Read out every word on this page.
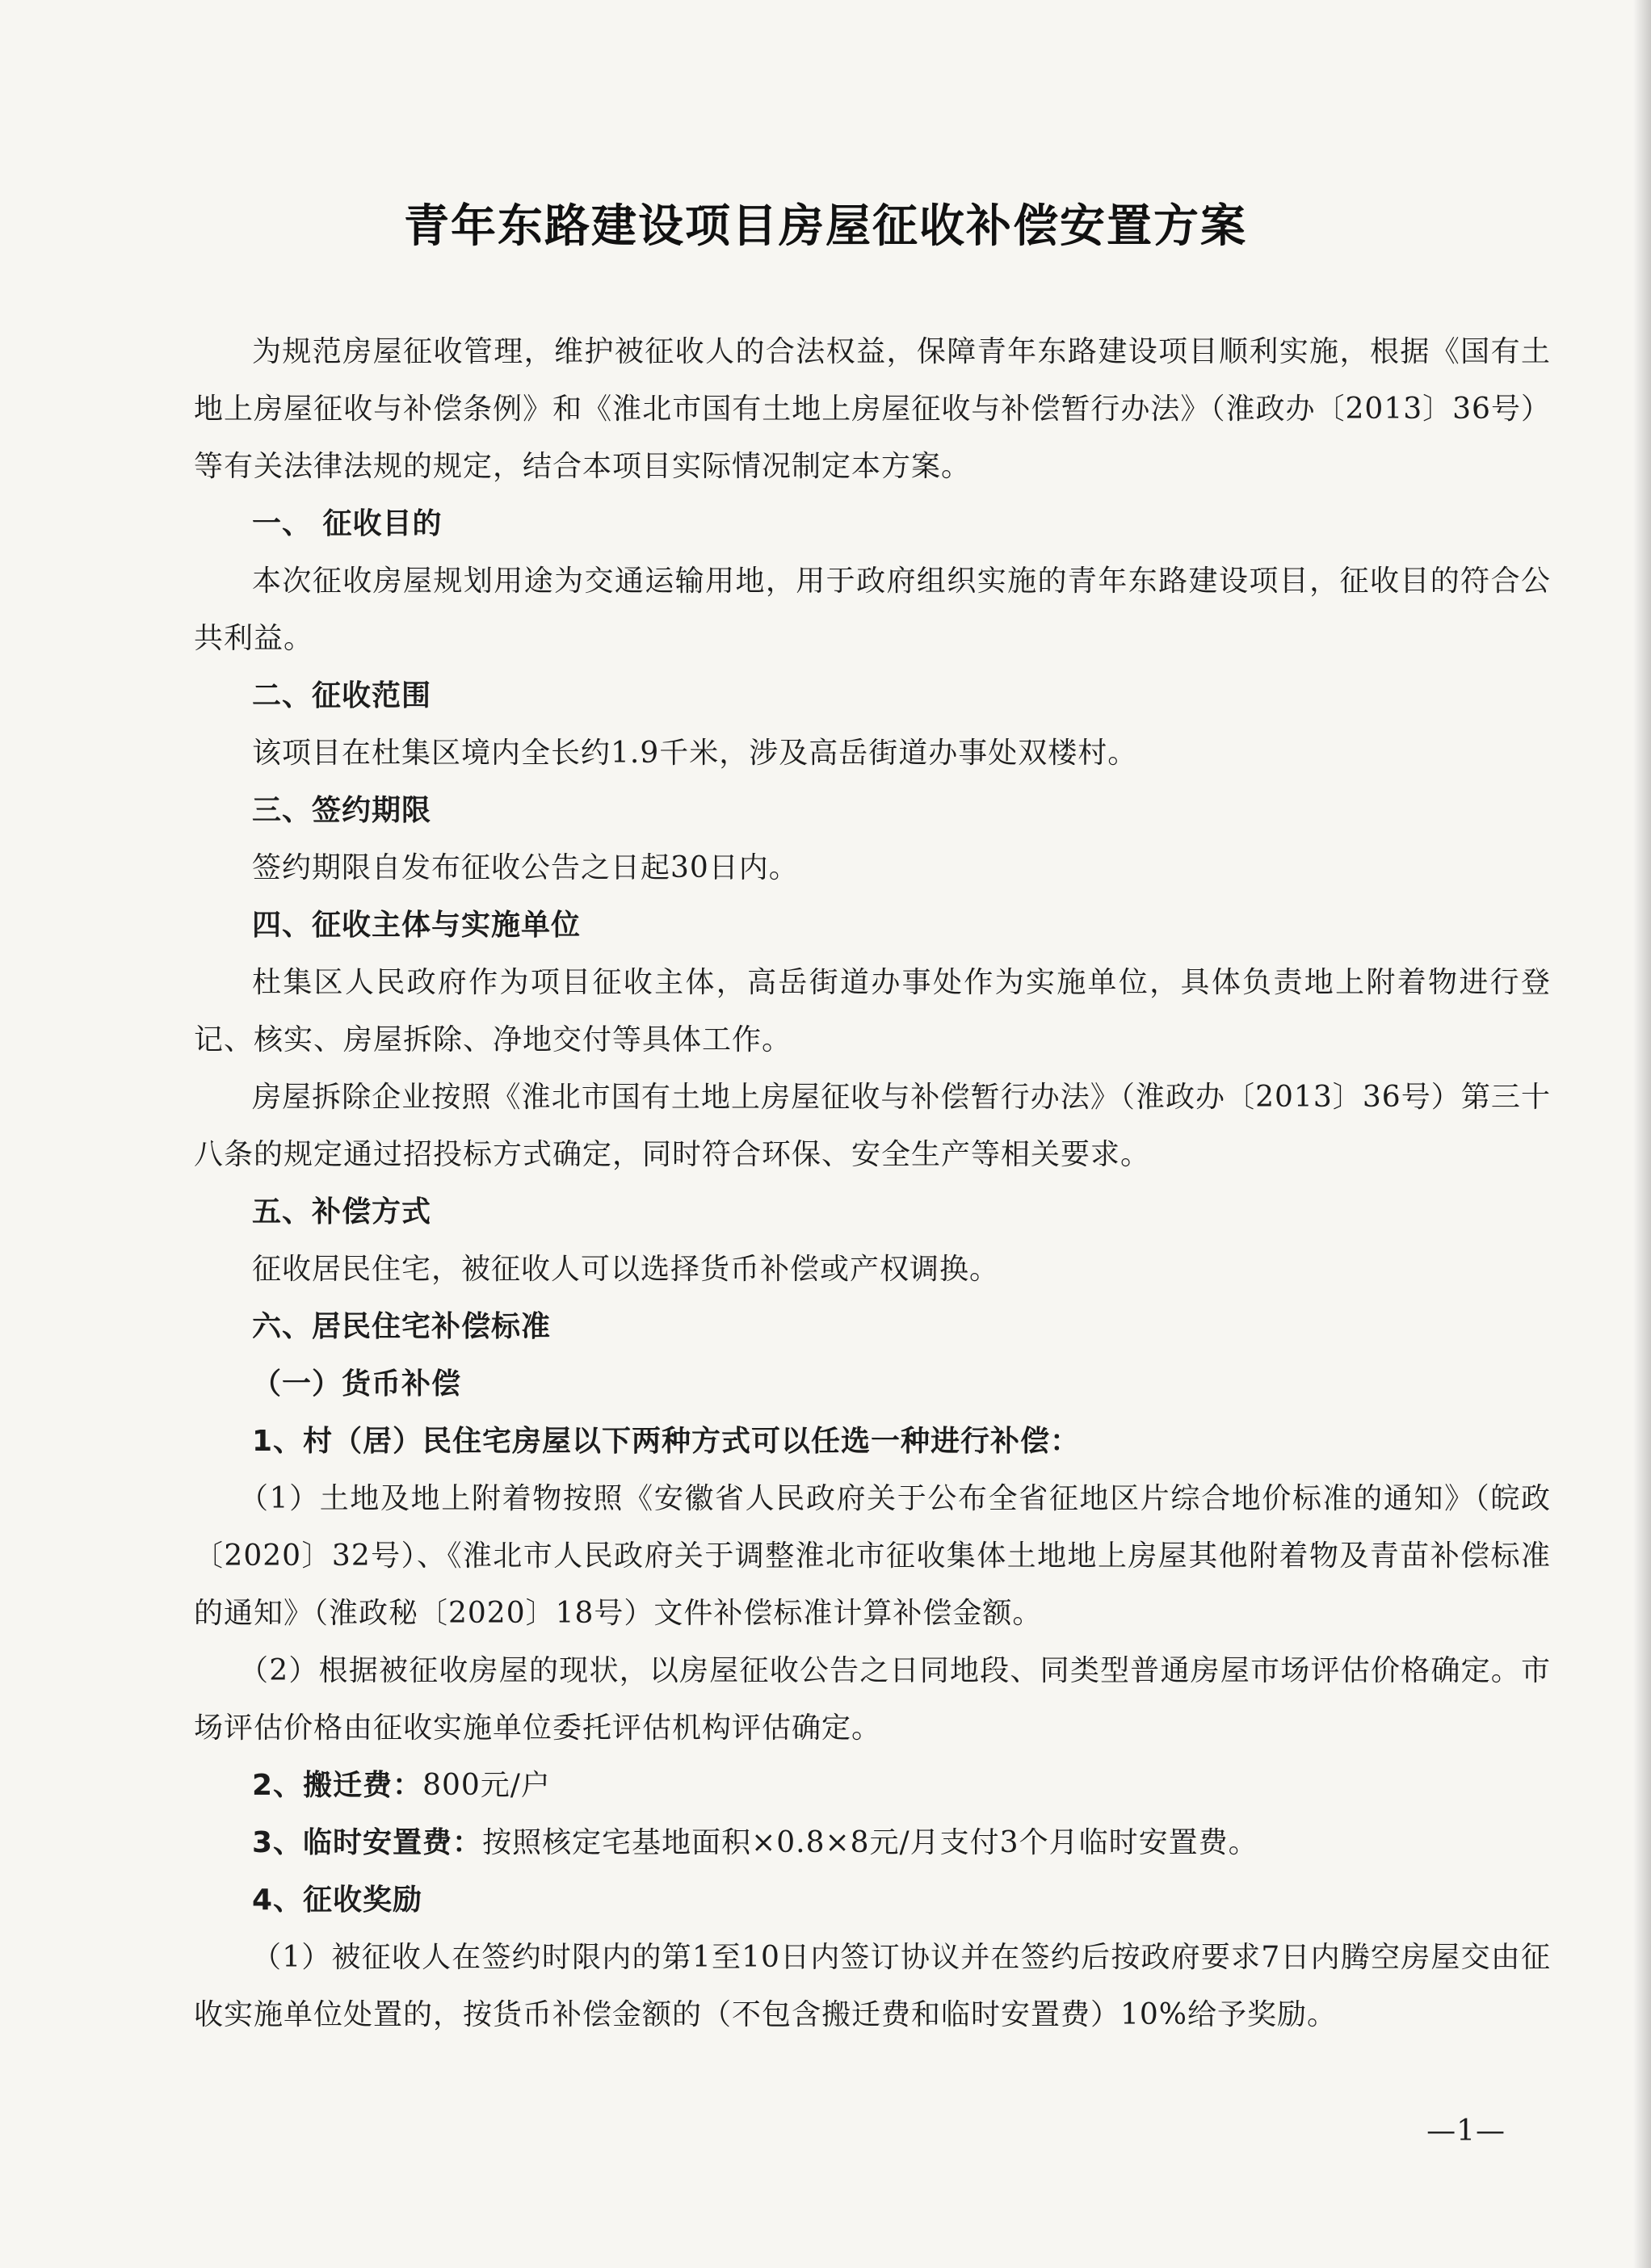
青年东路建设项目房屋征收补偿安置方案

为规范房屋征收管理，维护被征收人的合法权益，保障青年东路建设项目顺利实施，根据《国有土地上房屋征收与补偿条例》和《淮北市国有土地上房屋征收与补偿暂行办法》（淮政办〔2013〕36号）等有关法律法规的规定，结合本项目实际情况制定本方案。

一、 征收目的

本次征收房屋规划用途为交通运输用地，用于政府组织实施的青年东路建设项目，征收目的符合公共利益。

二、征收范围

该项目在杜集区境内全长约1.9千米，涉及高岳街道办事处双楼村。

三、签约期限

签约期限自发布征收公告之日起30日内。

四、征收主体与实施单位

杜集区人民政府作为项目征收主体，高岳街道办事处作为实施单位，具体负责地上附着物进行登记、核实、房屋拆除、净地交付等具体工作。

房屋拆除企业按照《淮北市国有土地上房屋征收与补偿暂行办法》（淮政办〔2013〕36号）第三十八条的规定通过招投标方式确定，同时符合环保、安全生产等相关要求。

五、补偿方式

征收居民住宅，被征收人可以选择货币补偿或产权调换。

六、居民住宅补偿标准

（一）货币补偿

1、村（居）民住宅房屋以下两种方式可以任选一种进行补偿：

（1）土地及地上附着物按照《安徽省人民政府关于公布全省征地区片综合地价标准的通知》（皖政〔2020〕32号）、《淮北市人民政府关于调整淮北市征收集体土地地上房屋其他附着物及青苗补偿标准的通知》（淮政秘〔2020〕18号）文件补偿标准计算补偿金额。

（2）根据被征收房屋的现状，以房屋征收公告之日同地段、同类型普通房屋市场评估价格确定。市场评估价格由征收实施单位委托评估机构评估确定。

2、搬迁费：800元/户

3、临时安置费：按照核定宅基地面积×0.8×8元/月支付3个月临时安置费。

4、征收奖励

（1）被征收人在签约时限内的第1至10日内签订协议并在签约后按政府要求7日内腾空房屋交由征收实施单位处置的，按货币补偿金额的（不包含搬迁费和临时安置费）10%给予奖励。

—1—
